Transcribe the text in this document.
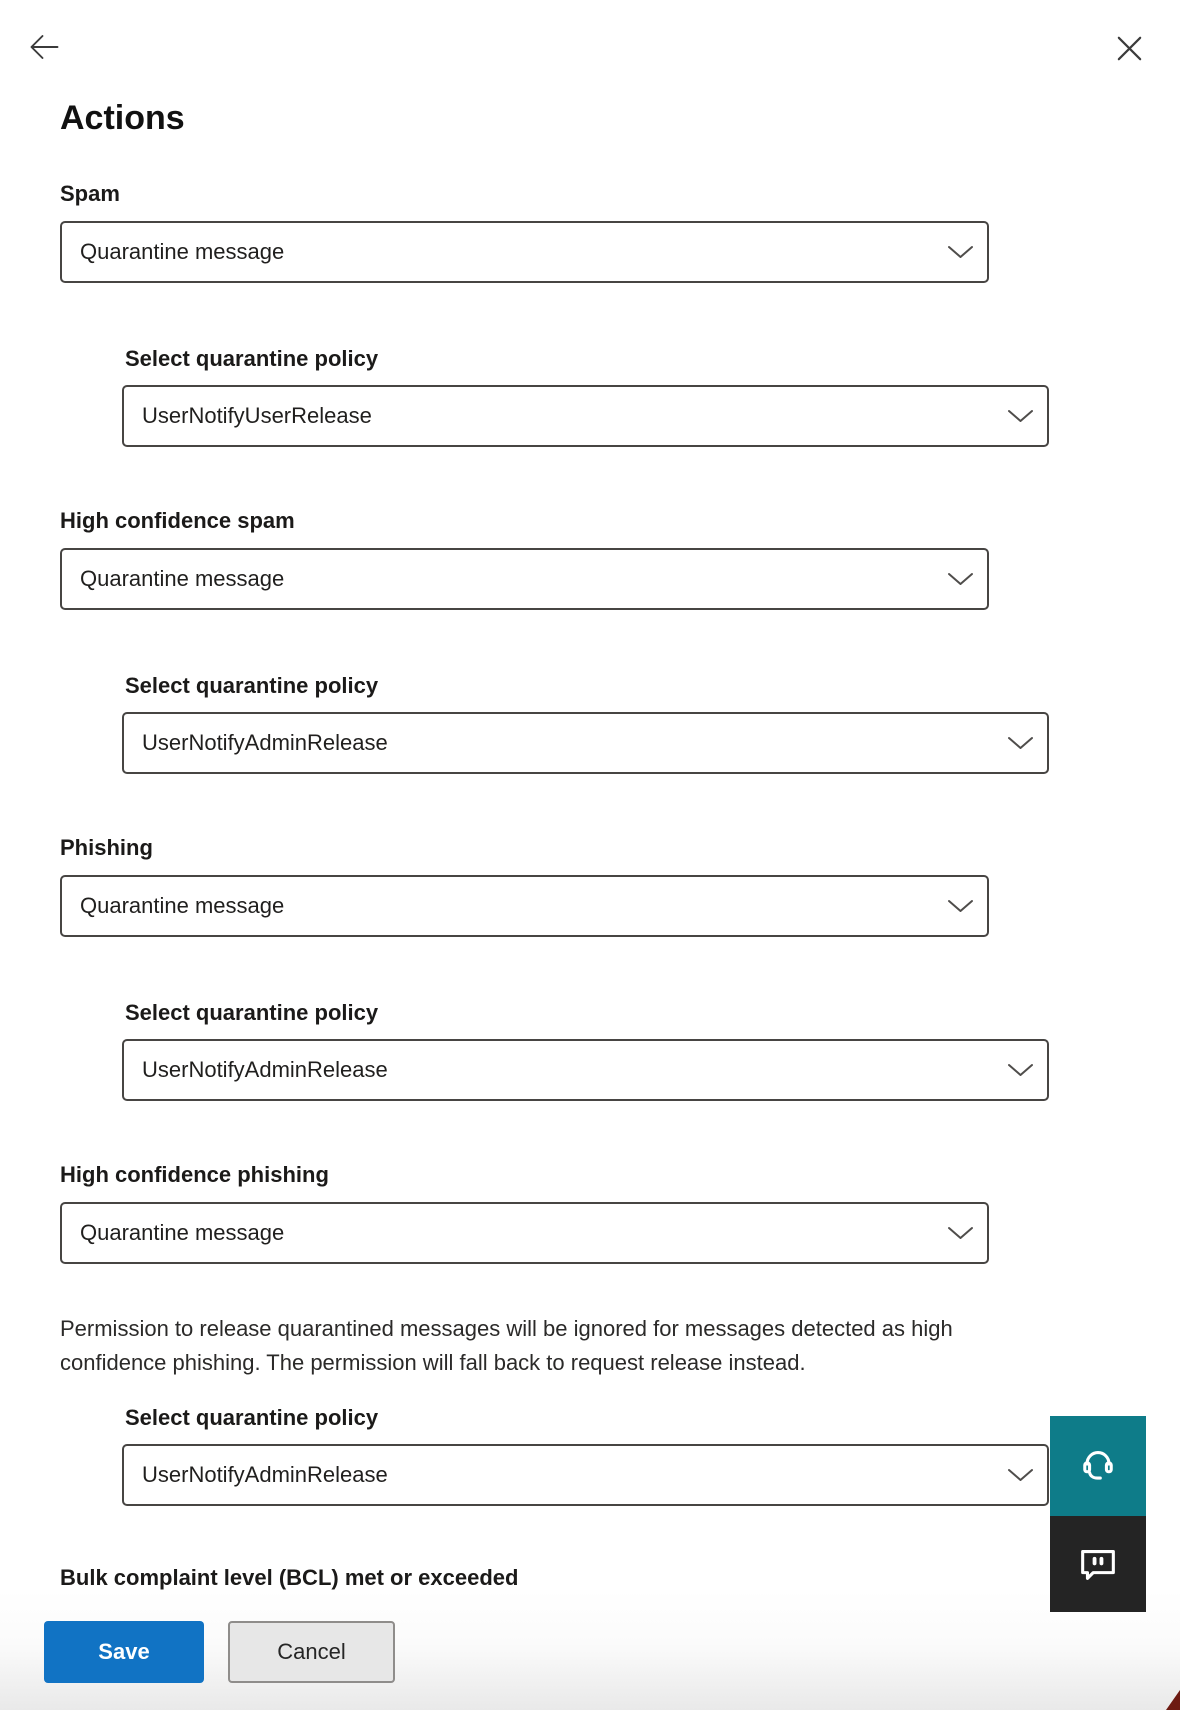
Actions
Spam
Quarantine message
Select quarantine policy
UserNotifyUserRelease
High confidence spam
Quarantine message
Select quarantine policy
UserNotifyAdminRelease
Phishing
Quarantine message
Select quarantine policy
UserNotifyAdminRelease
High confidence phishing
Quarantine message

Permission to release quarantined messages will be ignored for messages detected as high confidence phishing. The permission will fall back to request release instead.

Select quarantine policy
UserNotifyAdminRelease
Bulk complaint level (BCL) met or exceeded
Save	Cancel
